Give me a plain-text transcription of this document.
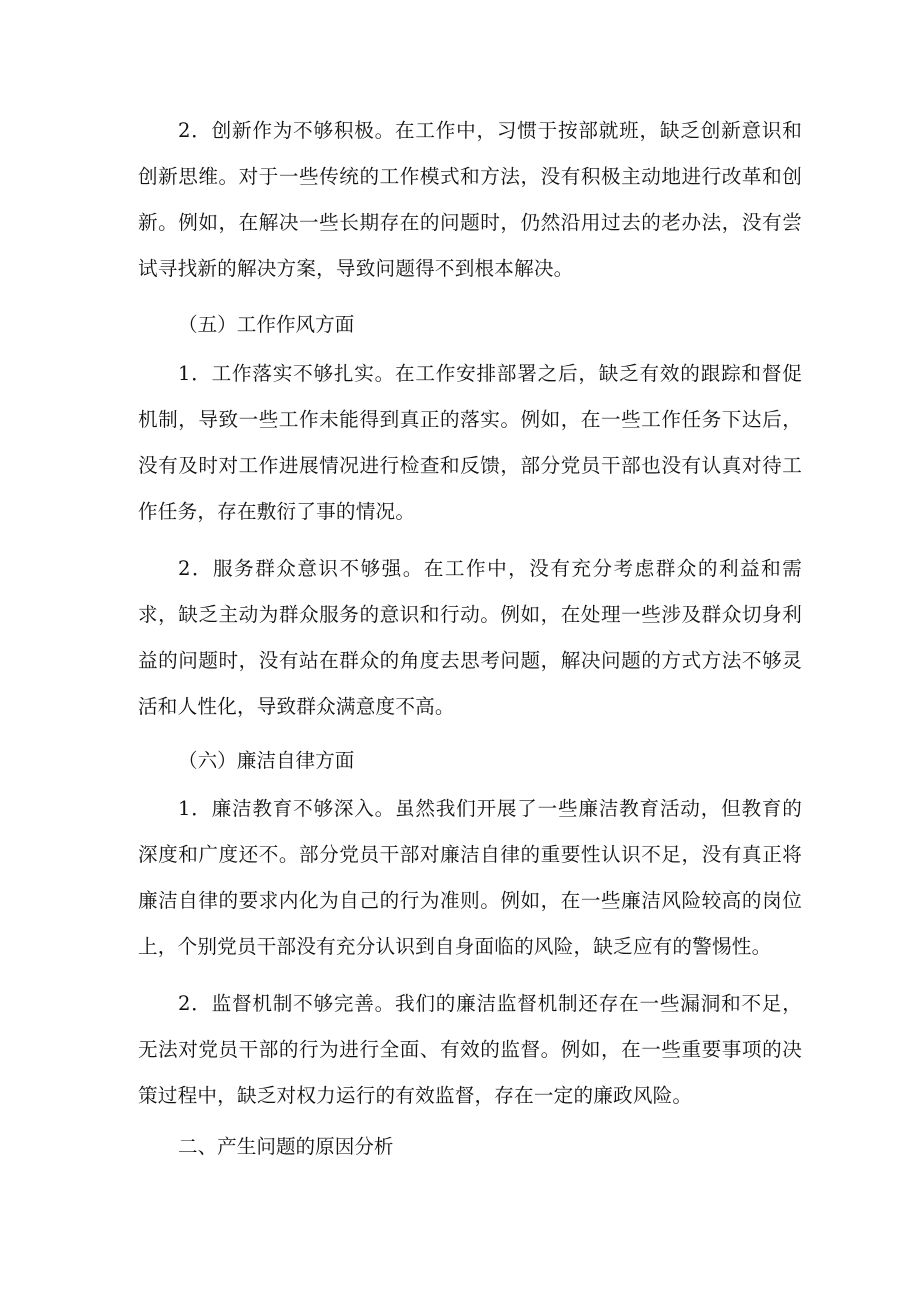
2．创新作为不够积极。在工作中，习惯于按部就班，缺乏创新意识和创新思维。对于一些传统的工作模式和方法，没有积极主动地进行改革和创新。例如，在解决一些长期存在的问题时，仍然沿用过去的老办法，没有尝试寻找新的解决方案，导致问题得不到根本解决。

（五）工作作风方面

1．工作落实不够扎实。在工作安排部署之后，缺乏有效的跟踪和督促机制，导致一些工作未能得到真正的落实。例如，在一些工作任务下达后，没有及时对工作进展情况进行检查和反馈，部分党员干部也没有认真对待工作任务，存在敷衍了事的情况。

2．服务群众意识不够强。在工作中，没有充分考虑群众的利益和需求，缺乏主动为群众服务的意识和行动。例如，在处理一些涉及群众切身利益的问题时，没有站在群众的角度去思考问题，解决问题的方式方法不够灵活和人性化，导致群众满意度不高。

（六）廉洁自律方面

1．廉洁教育不够深入。虽然我们开展了一些廉洁教育活动，但教育的深度和广度还不。部分党员干部对廉洁自律的重要性认识不足，没有真正将廉洁自律的要求内化为自己的行为准则。例如，在一些廉洁风险较高的岗位上，个别党员干部没有充分认识到自身面临的风险，缺乏应有的警惕性。

2．监督机制不够完善。我们的廉洁监督机制还存在一些漏洞和不足，无法对党员干部的行为进行全面、有效的监督。例如，在一些重要事项的决策过程中，缺乏对权力运行的有效监督，存在一定的廉政风险。

二、产生问题的原因分析
